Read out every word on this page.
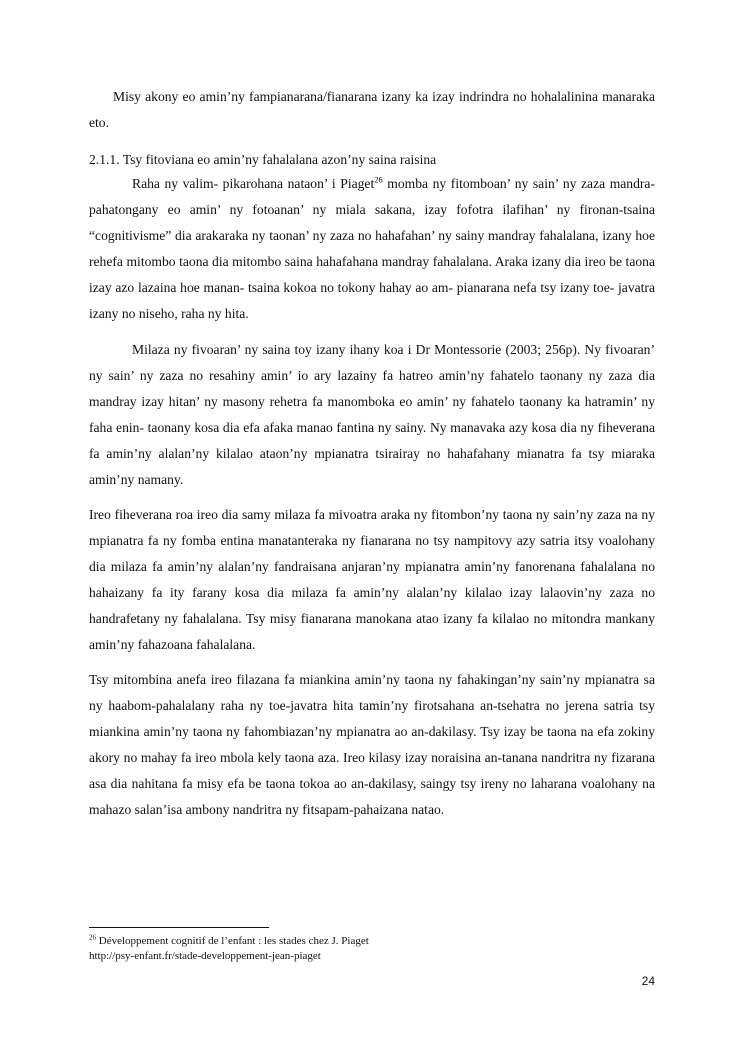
Misy akony eo amin’ny fampianarana/fianarana izany ka izay indrindra no hohalalinina manaraka eto.

2.1.1. Tsy fitoviana eo amin’ny fahalalana azon’ny saina raisina

Raha ny valim- pikarohana nataon’ i Piaget$^{26}$ momba ny fitomboan’ ny sain’ ny zaza mandra-pahatongany eo amin’ ny fotoanan’ ny miala sakana, izay fofotra ilafihan’ ny fironan-tsaina “cognitivisme” dia arakaraka ny taonan’ ny zaza no hahafahan’ ny sainy mandray fahalalana, izany hoe rehefa mitombo taona dia mitombo saina hahafahana mandray fahalalana. Araka izany dia ireo be taona izay azo lazaina hoe manan- tsaina kokoa no tokony hahay ao am- pianarana nefa tsy izany toe- javatra izany no niseho, raha ny hita.

Milaza ny fivoaran’ ny saina toy izany ihany koa i Dr Montessorie (2003; 256p). Ny fivoaran’ ny sain’ ny zaza no resahiny amin’ io ary lazainy fa hatreo amin’ny fahatelo taonany ny zaza dia mandray izay hitan’ ny masony rehetra fa manomboka eo amin’ ny fahatelo taonany ka hatramin’ ny faha enin- taonany kosa dia efa afaka manao fantina ny sainy. Ny manavaka azy kosa dia ny fiheverana fa amin’ny alalan’ny kilalao ataon’ny mpianatra tsirairay no hahafahany mianatra fa tsy miaraka amin’ny namany.

Ireo fiheverana roa ireo dia samy milaza fa mivoatra araka ny fitombon’ny taona ny sain’ny zaza na ny mpianatra fa ny fomba entina manatanteraka ny fianarana no tsy nampitovy azy satria itsy voalohany dia milaza fa amin’ny alalan’ny fandraisana anjaran’ny mpianatra amin’ny fanorenana fahalalana no hahaizany fa ity farany kosa dia milaza fa amin’ny alalan’ny kilalao izay lalaovin’ny zaza no handrafetany ny fahalalana. Tsy misy fianarana manokana atao izany fa kilalao no mitondra mankany amin’ny fahazoana fahalalana.

Tsy mitombina anefa ireo filazana fa miankina amin’ny taona ny fahakingan’ny sain’ny mpianatra sa ny haabom-pahalalany raha ny toe-javatra hita tamin’ny firotsahana an-tsehatra no jerena satria tsy miankina amin’ny taona ny fahombiazan’ny mpianatra ao an-dakilasy. Tsy izay be taona na efa zokiny akory no mahay fa ireo mbola kely taona aza. Ireo kilasy izay noraisina an-tanana nandritra ny fizarana asa dia nahitana fa misy efa be taona tokoa ao an-dakilasy, saingy tsy ireny no laharana voalohany na mahazo salan’isa ambony nandritra ny fitsapam-pahaizana natao.

$^{26}$ Développement cognitif de l’enfant : les stades chez J. Piaget
http://psy-enfant.fr/stade-developpement-jean-piaget

24
